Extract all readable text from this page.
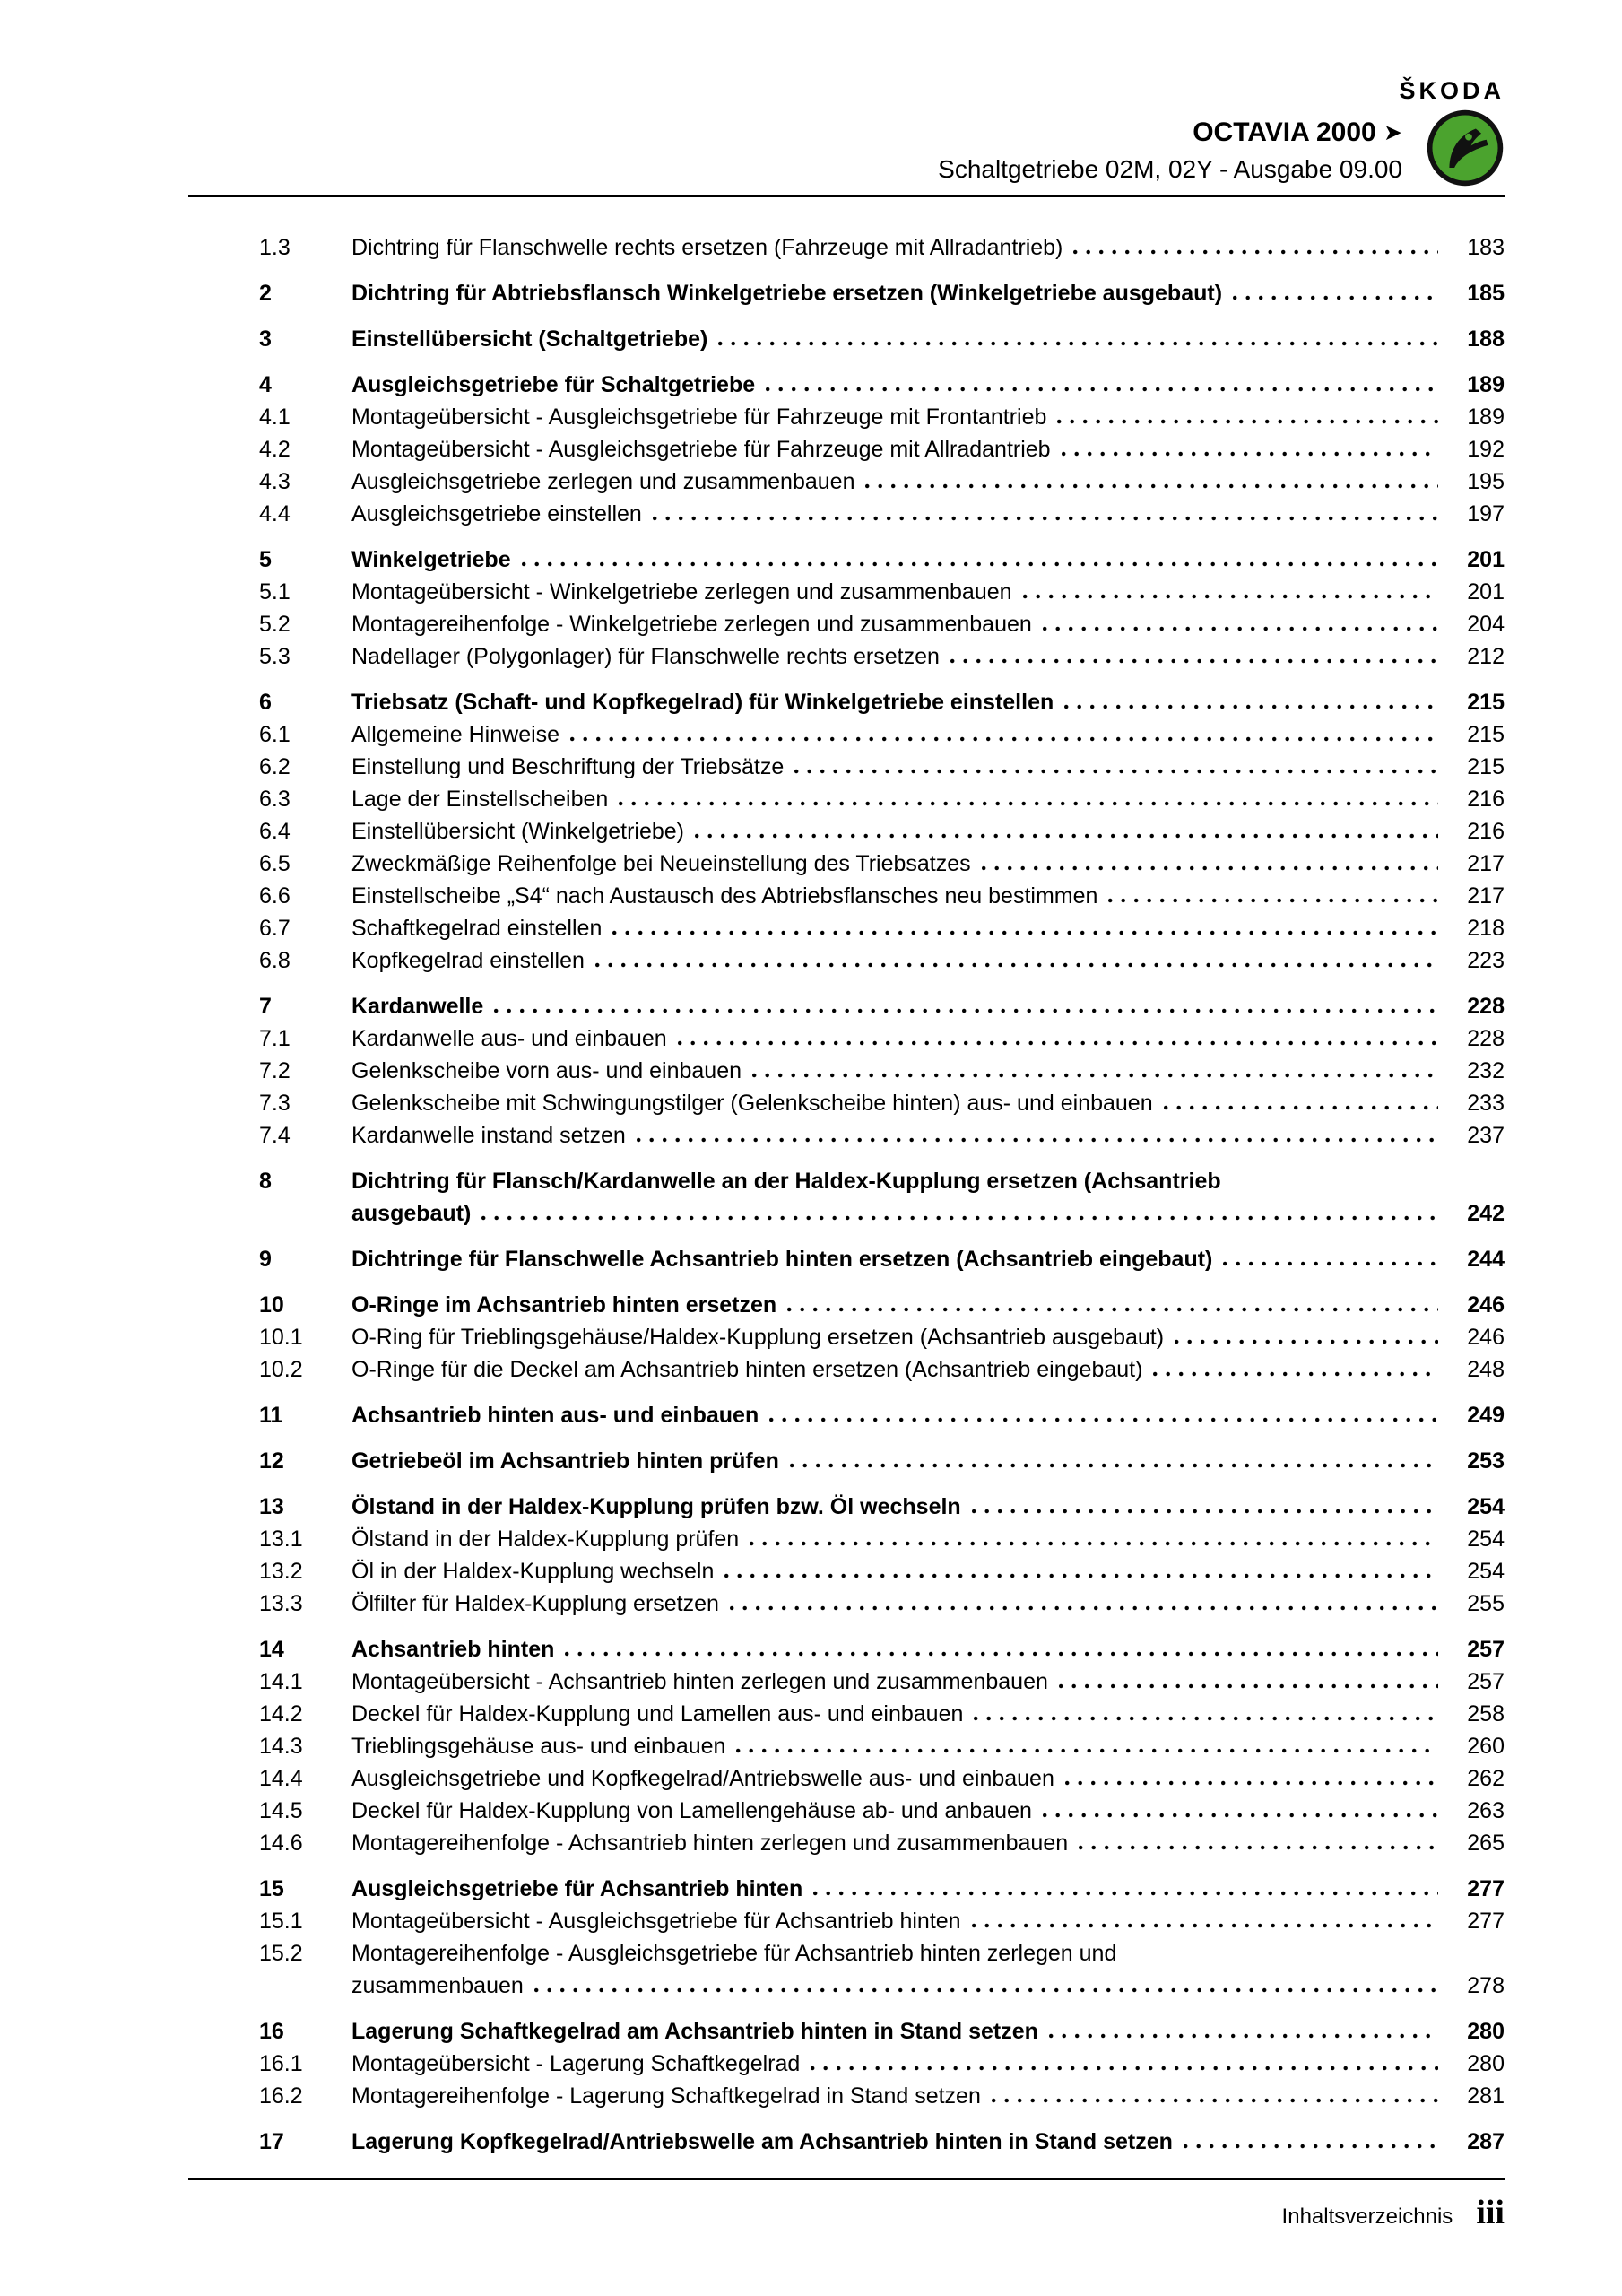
ŠKODA
OCTAVIA 2000 ➤
Schaltgetriebe 02M, 02Y - Ausgabe 09.00
1.3	Dichtring für Flanschwelle rechts ersetzen (Fahrzeuge mit Allradantrieb)	183
2	Dichtring für Abtriebsflansch Winkelgetriebe ersetzen (Winkelgetriebe ausgebaut)	185
3	Einstellübersicht (Schaltgetriebe)	188
4	Ausgleichsgetriebe für Schaltgetriebe	189
4.1	Montageübersicht - Ausgleichsgetriebe für Fahrzeuge mit Frontantrieb	189
4.2	Montageübersicht - Ausgleichsgetriebe für Fahrzeuge mit Allradantrieb	192
4.3	Ausgleichsgetriebe zerlegen und zusammenbauen	195
4.4	Ausgleichsgetriebe einstellen	197
5	Winkelgetriebe	201
5.1	Montageübersicht - Winkelgetriebe zerlegen und zusammenbauen	201
5.2	Montagereihenfolge - Winkelgetriebe zerlegen und zusammenbauen	204
5.3	Nadellager (Polygonlager) für Flanschwelle rechts ersetzen	212
6	Triebsatz (Schaft- und Kopfkegelrad) für Winkelgetriebe einstellen	215
6.1	Allgemeine Hinweise	215
6.2	Einstellung und Beschriftung der Triebsätze	215
6.3	Lage der Einstellscheiben	216
6.4	Einstellübersicht (Winkelgetriebe)	216
6.5	Zweckmäßige Reihenfolge bei Neueinstellung des Triebsatzes	217
6.6	Einstellscheibe „S4“ nach Austausch des Abtriebsflansches neu bestimmen	217
6.7	Schaftkegelrad einstellen	218
6.8	Kopfkegelrad einstellen	223
7	Kardanwelle	228
7.1	Kardanwelle aus- und einbauen	228
7.2	Gelenkscheibe vorn aus- und einbauen	232
7.3	Gelenkscheibe mit Schwingungstilger (Gelenkscheibe hinten) aus- und einbauen	233
7.4	Kardanwelle instand setzen	237
8	Dichtring für Flansch/Kardanwelle an der Haldex-Kupplung ersetzen (Achsantrieb
ausgebaut)	242
9	Dichtringe für Flanschwelle Achsantrieb hinten ersetzen (Achsantrieb eingebaut)	244
10	O-Ringe im Achsantrieb hinten ersetzen	246
10.1	O-Ring für Trieblingsgehäuse/Haldex-Kupplung ersetzen (Achsantrieb ausgebaut)	246
10.2	O-Ringe für die Deckel am Achsantrieb hinten ersetzen (Achsantrieb eingebaut)	248
11	Achsantrieb hinten aus- und einbauen	249
12	Getriebeöl im Achsantrieb hinten prüfen	253
13	Ölstand in der Haldex-Kupplung prüfen bzw. Öl wechseln	254
13.1	Ölstand in der Haldex-Kupplung prüfen	254
13.2	Öl in der Haldex-Kupplung wechseln	254
13.3	Ölfilter für Haldex-Kupplung ersetzen	255
14	Achsantrieb hinten	257
14.1	Montageübersicht - Achsantrieb hinten zerlegen und zusammenbauen	257
14.2	Deckel für Haldex-Kupplung und Lamellen aus- und einbauen	258
14.3	Trieblingsgehäuse aus- und einbauen	260
14.4	Ausgleichsgetriebe und Kopfkegelrad/Antriebswelle aus- und einbauen	262
14.5	Deckel für Haldex-Kupplung von Lamellengehäuse ab- und anbauen	263
14.6	Montagereihenfolge - Achsantrieb hinten zerlegen und zusammenbauen	265
15	Ausgleichsgetriebe für Achsantrieb hinten	277
15.1	Montageübersicht - Ausgleichsgetriebe für Achsantrieb hinten	277
15.2	Montagereihenfolge - Ausgleichsgetriebe für Achsantrieb hinten zerlegen und
zusammenbauen	278
16	Lagerung Schaftkegelrad am Achsantrieb hinten in Stand setzen	280
16.1	Montageübersicht - Lagerung Schaftkegelrad	280
16.2	Montagereihenfolge - Lagerung Schaftkegelrad in Stand setzen	281
17	Lagerung Kopfkegelrad/Antriebswelle am Achsantrieb hinten in Stand setzen	287
Inhaltsverzeichnis iii
